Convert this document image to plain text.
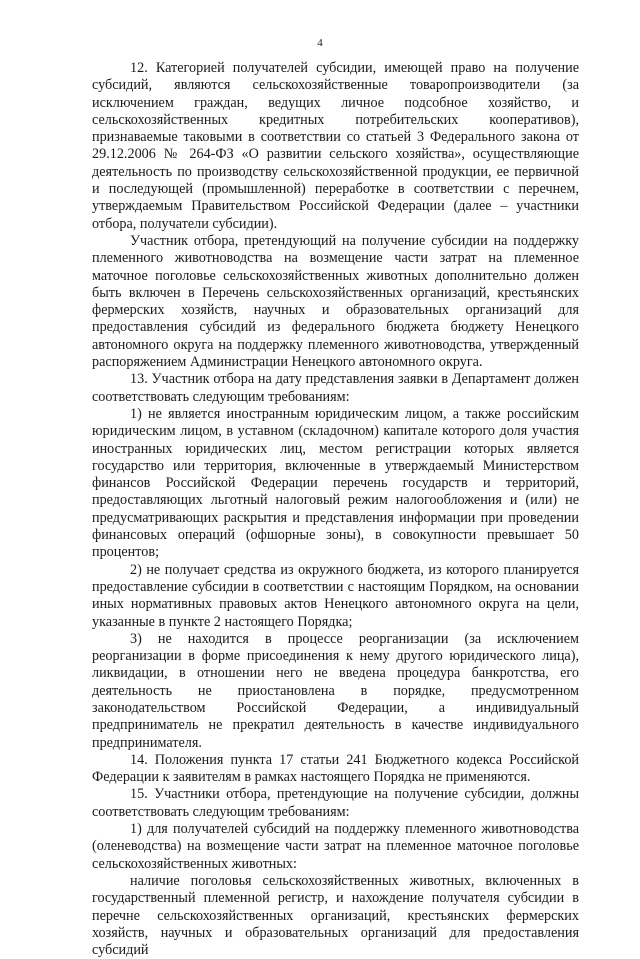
4

12. Категорией получателей субсидии, имеющей право на получение субсидий, являются сельскохозяйственные товаропроизводители (за исключением граждан, ведущих личное подсобное хозяйство, и сельскохозяйственных кредитных потребительских кооперативов), признаваемые таковыми в соответствии со статьей 3 Федерального закона от 29.12.2006 № 264-ФЗ «О развитии сельского хозяйства», осуществляющие деятельность по производству сельскохозяйственной продукции, ее первичной и последующей (промышленной) переработке в соответствии с перечнем, утверждаемым Правительством Российской Федерации (далее – участники отбора, получатели субсидии).

Участник отбора, претендующий на получение субсидии на поддержку племенного животноводства на возмещение части затрат на племенное маточное поголовье сельскохозяйственных животных дополнительно должен быть включен в Перечень сельскохозяйственных организаций, крестьянских фермерских хозяйств, научных и образовательных организаций для предоставления субсидий из федерального бюджета бюджету Ненецкого автономного округа на поддержку племенного животноводства, утвержденный распоряжением Администрации Ненецкого автономного округа.

13. Участник отбора на дату представления заявки в Департамент должен соответствовать следующим требованиям:

1) не является иностранным юридическим лицом, а также российским юридическим лицом, в уставном (складочном) капитале которого доля участия иностранных юридических лиц, местом регистрации которых является государство или территория, включенные в утверждаемый Министерством финансов Российской Федерации перечень государств и территорий, предоставляющих льготный налоговый режим налогообложения и (или) не предусматривающих раскрытия и представления информации при проведении финансовых операций (офшорные зоны), в совокупности превышает 50 процентов;

2) не получает средства из окружного бюджета, из которого планируется предоставление субсидии в соответствии с настоящим Порядком, на основании иных нормативных правовых актов Ненецкого автономного округа на цели, указанные в пункте 2 настоящего Порядка;

3) не находится в процессе реорганизации (за исключением реорганизации в форме присоединения к нему другого юридического лица), ликвидации, в отношении него не введена процедура банкротства, его деятельность не приостановлена в порядке, предусмотренном законодательством Российской Федерации, а индивидуальный предприниматель не прекратил деятельность в качестве индивидуального предпринимателя.

14. Положения пункта 17 статьи 241 Бюджетного кодекса Российской Федерации к заявителям в рамках настоящего Порядка не применяются.

15. Участники отбора, претендующие на получение субсидии, должны соответствовать следующим требованиям:

1) для получателей субсидий на поддержку племенного животноводства (оленеводства) на возмещение части затрат на племенное маточное поголовье сельскохозяйственных животных:

наличие поголовья сельскохозяйственных животных, включенных в государственный племенной регистр, и нахождение получателя субсидии в перечне сельскохозяйственных организаций, крестьянских фермерских хозяйств, научных и образовательных организаций для предоставления субсидий
